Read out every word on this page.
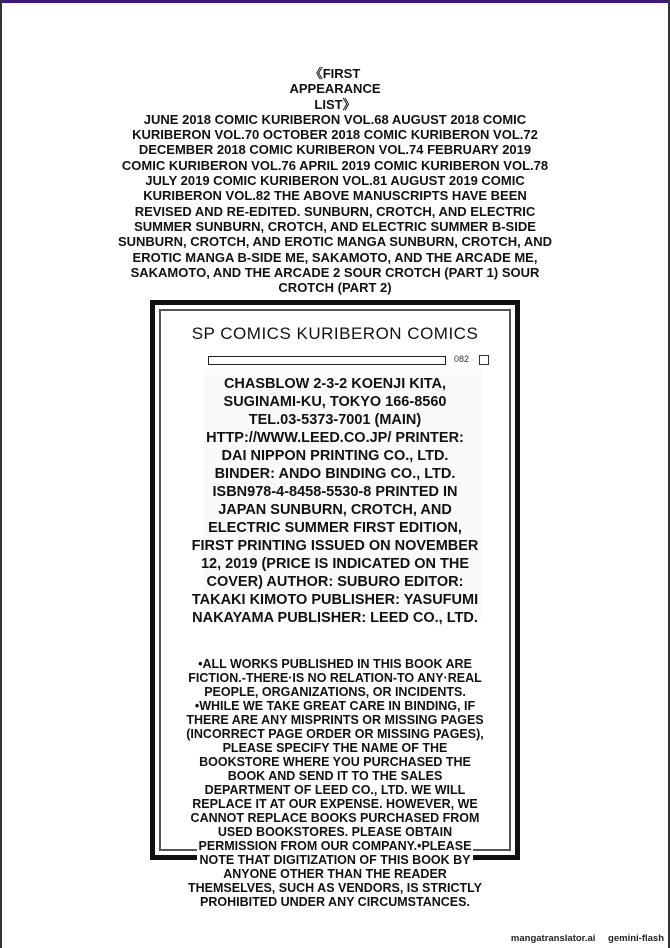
《FIRST
APPEARANCE
LIST》
JUNE 2018 COMIC KURIBERON VOL.68 AUGUST 2018 COMIC
KURIBERON VOL.70 OCTOBER 2018 COMIC KURIBERON VOL.72
DECEMBER 2018 COMIC KURIBERON VOL.74 FEBRUARY 2019
COMIC KURIBERON VOL.76 APRIL 2019 COMIC KURIBERON VOL.78
JULY 2019 COMIC KURIBERON VOL.81 AUGUST 2019 COMIC
KURIBERON VOL.82 THE ABOVE MANUSCRIPTS HAVE BEEN
REVISED AND RE-EDITED. SUNBURN, CROTCH, AND ELECTRIC
SUMMER SUNBURN, CROTCH, AND ELECTRIC SUMMER B-SIDE
SUNBURN, CROTCH, AND EROTIC MANGA SUNBURN, CROTCH, AND
EROTIC MANGA B-SIDE ME, SAKAMOTO, AND THE ARCADE ME,
SAKAMOTO, AND THE ARCADE 2 SOUR CROTCH (PART 1) SOUR
CROTCH (PART 2)
SP COMICS KURIBERON COMICS
082
CHASBLOW 2-3-2 KOENJI KITA,
SUGINAMI-KU, TOKYO 166-8560
TEL.03-5373-7001 (MAIN)
HTTP://WWW.LEED.CO.JP/ PRINTER:
DAI NIPPON PRINTING CO., LTD.
BINDER: ANDO BINDING CO., LTD.
ISBN978-4-8458-5530-8 PRINTED IN
JAPAN SUNBURN, CROTCH, AND
ELECTRIC SUMMER FIRST EDITION,
FIRST PRINTING ISSUED ON NOVEMBER
12, 2019 (PRICE IS INDICATED ON THE
COVER) AUTHOR: SUBURO EDITOR:
TAKAKI KIMOTO PUBLISHER: YASUFUMI
NAKAYAMA PUBLISHER: LEED CO., LTD.
•ALL WORKS PUBLISHED IN THIS BOOK ARE
FICTION.-THERE·IS NO RELATION-TO ANY·REAL
PEOPLE, ORGANIZATIONS, OR INCIDENTS.
•WHILE WE TAKE GREAT CARE IN BINDING, IF
THERE ARE ANY MISPRINTS OR MISSING PAGES
(INCORRECT PAGE ORDER OR MISSING PAGES),
PLEASE SPECIFY THE NAME OF THE
BOOKSTORE WHERE YOU PURCHASED THE
BOOK AND SEND IT TO THE SALES
DEPARTMENT OF LEED CO., LTD. WE WILL
REPLACE IT AT OUR EXPENSE. HOWEVER, WE
CANNOT REPLACE BOOKS PURCHASED FROM
USED BOOKSTORES. PLEASE OBTAIN
PERMISSION FROM OUR COMPANY.•PLEASE
NOTE THAT DIGITIZATION OF THIS BOOK BY
ANYONE OTHER THAN THE READER
THEMSELVES, SUCH AS VENDORS, IS STRICTLY
PROHIBITED UNDER ANY CIRCUMSTANCES.
mangatranslator.ai gemini-flash
